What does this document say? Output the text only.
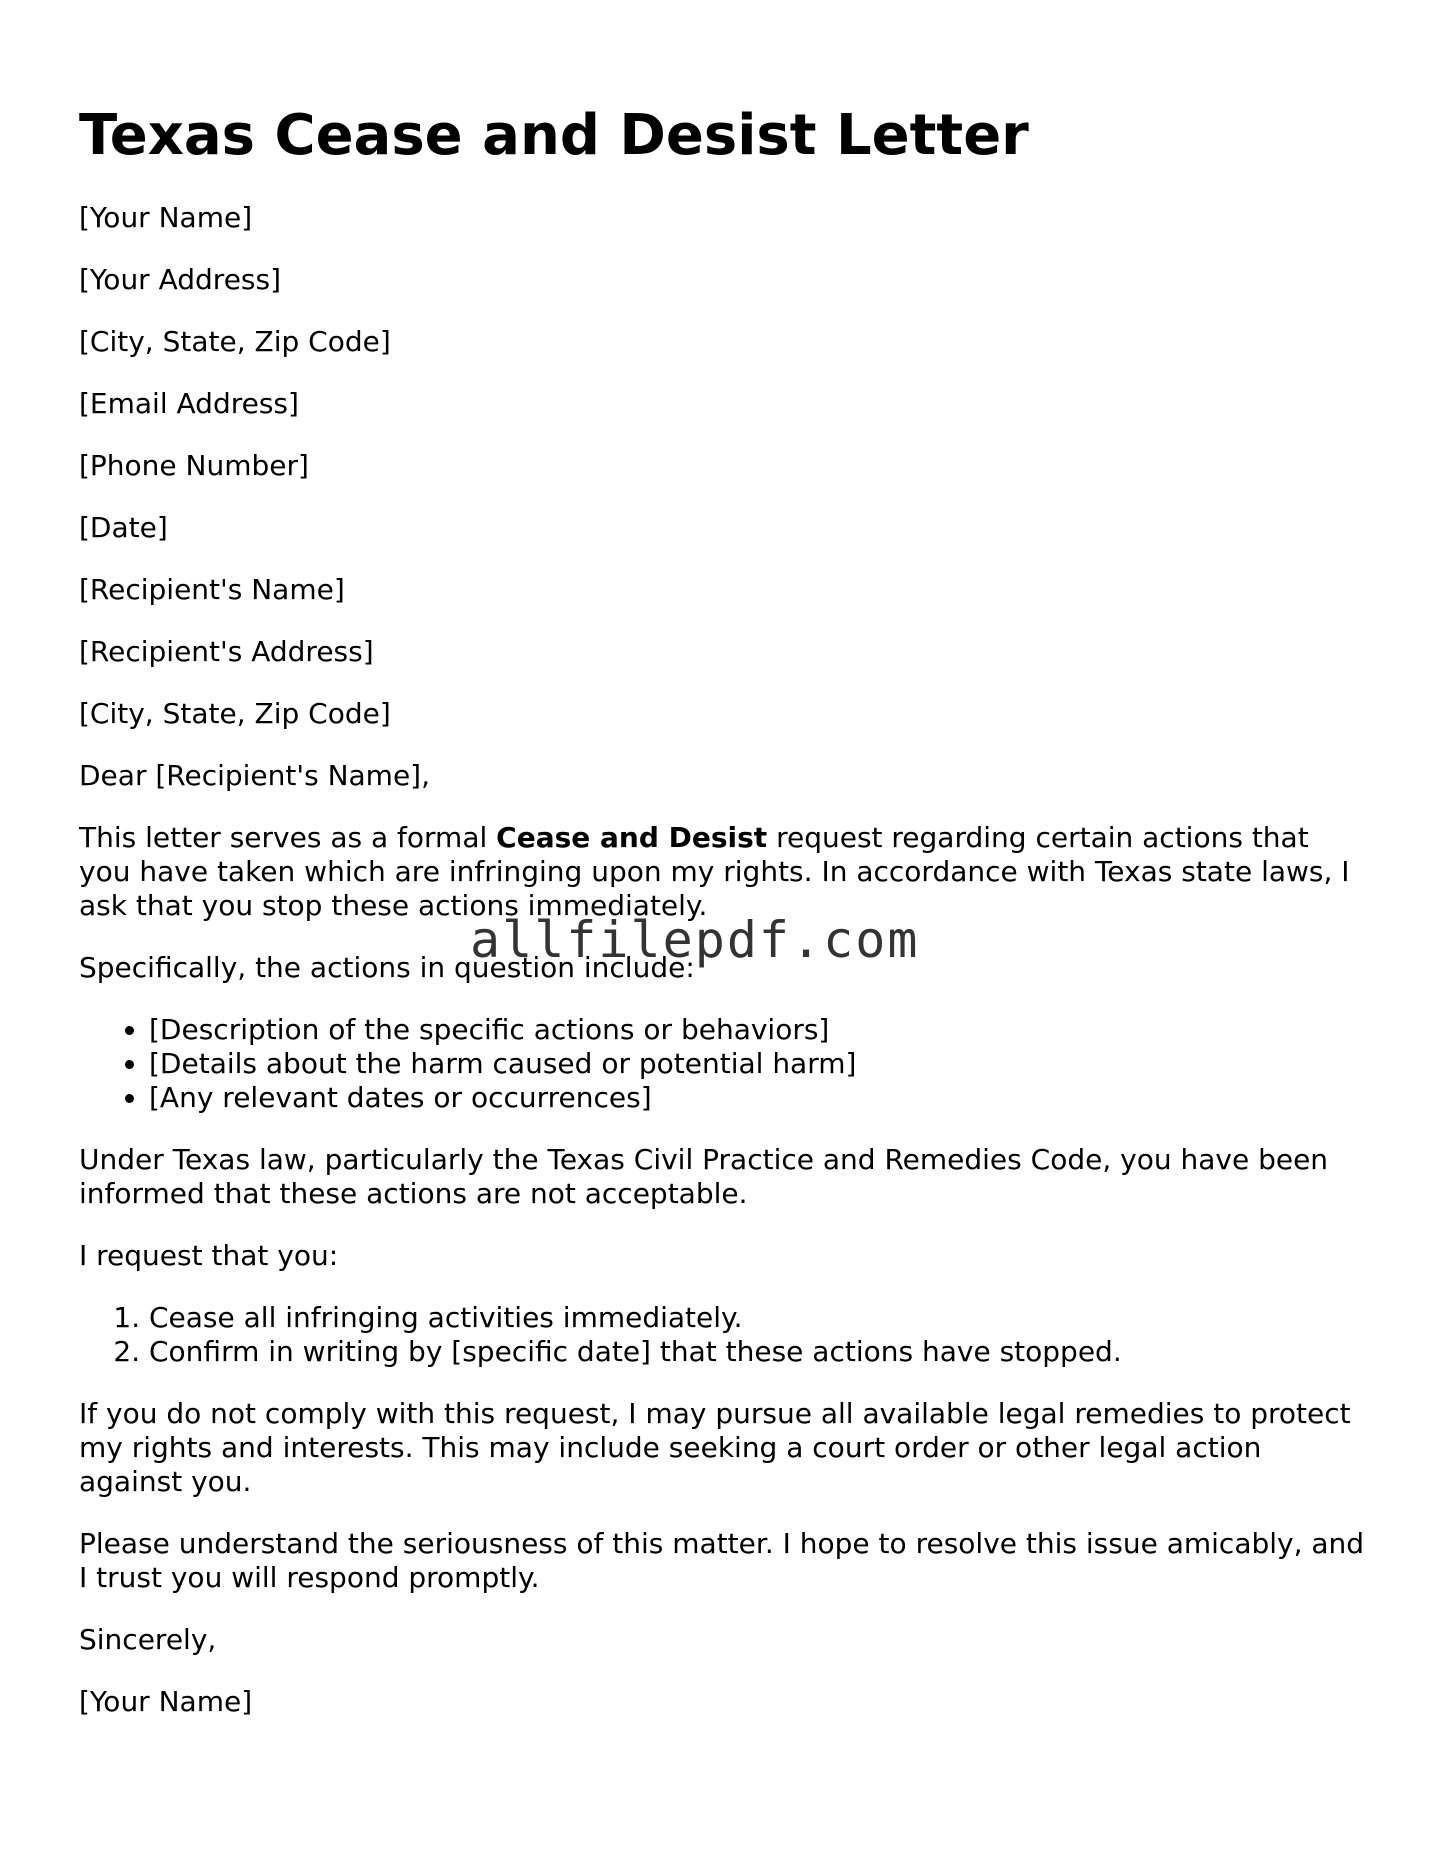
Texas Cease and Desist Letter

[Your Name]

[Your Address]

[City, State, Zip Code]

[Email Address]

[Phone Number]

[Date]

[Recipient's Name]

[Recipient's Address]

[City, State, Zip Code]

Dear [Recipient's Name],

This letter serves as a formal Cease and Desist request regarding certain actions that you have taken which are infringing upon my rights. In accordance with Texas state laws, I ask that you stop these actions immediately.

Specifically, the actions in question include:

• [Description of the specific actions or behaviors]
• [Details about the harm caused or potential harm]
• [Any relevant dates or occurrences]

Under Texas law, particularly the Texas Civil Practice and Remedies Code, you have been informed that these actions are not acceptable.

I request that you:

1. Cease all infringing activities immediately.
2. Confirm in writing by [specific date] that these actions have stopped.

If you do not comply with this request, I may pursue all available legal remedies to protect my rights and interests. This may include seeking a court order or other legal action against you.

Please understand the seriousness of this matter. I hope to resolve this issue amicably, and I trust you will respond promptly.

Sincerely,

[Your Name]

allfilepdf.com
